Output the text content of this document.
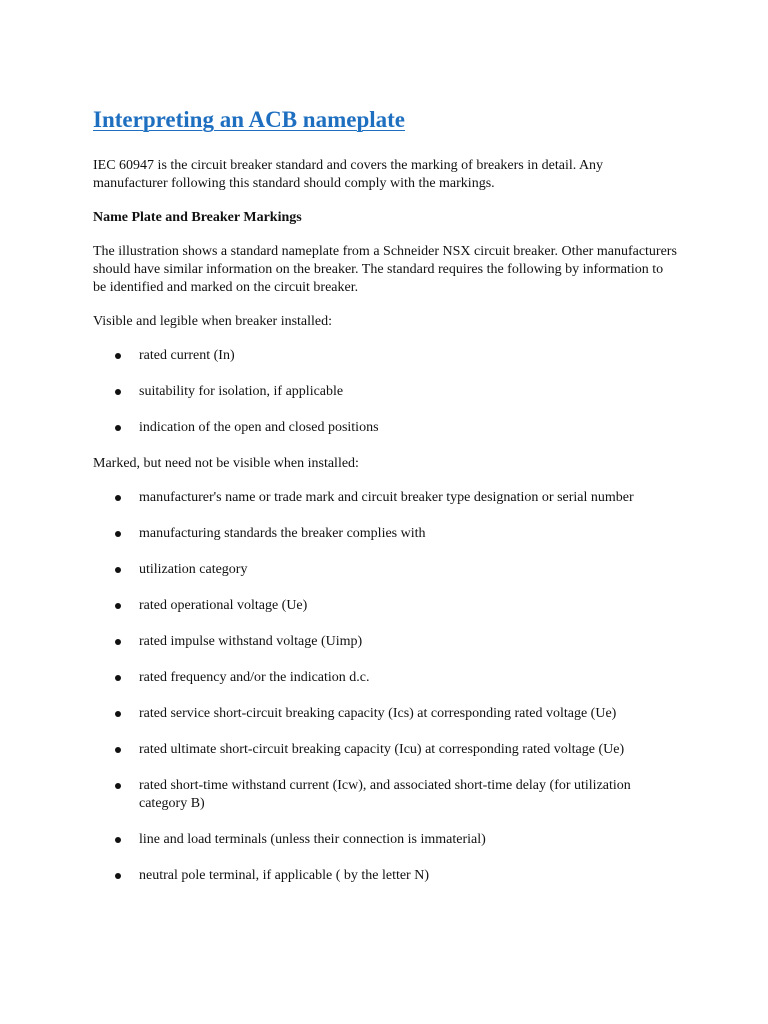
Interpreting an ACB nameplate

IEC 60947 is the circuit breaker standard and covers the marking of breakers in detail. Any manufacturer following this standard should comply with the markings.

Name Plate and Breaker Markings

The illustration shows a standard nameplate from a Schneider NSX circuit breaker. Other manufacturers should have similar information on the breaker. The standard requires the following by information to be identified and marked on the circuit breaker.

Visible and legible when breaker installed:

rated current (In)
suitability for isolation, if applicable
indication of the open and closed positions

Marked, but need not be visible when installed:

manufacturer's name or trade mark and circuit breaker type designation or serial number
manufacturing standards the breaker complies with
utilization category
rated operational voltage (Ue)
rated impulse withstand voltage (Uimp)
rated frequency and/or the indication d.c.
rated service short-circuit breaking capacity (Ics) at corresponding rated voltage (Ue)
rated ultimate short-circuit breaking capacity (Icu) at corresponding rated voltage (Ue)
rated short-time withstand current (Icw), and associated short-time delay (for utilization category B)
line and load terminals (unless their connection is immaterial)
neutral pole terminal, if applicable ( by the letter N)
